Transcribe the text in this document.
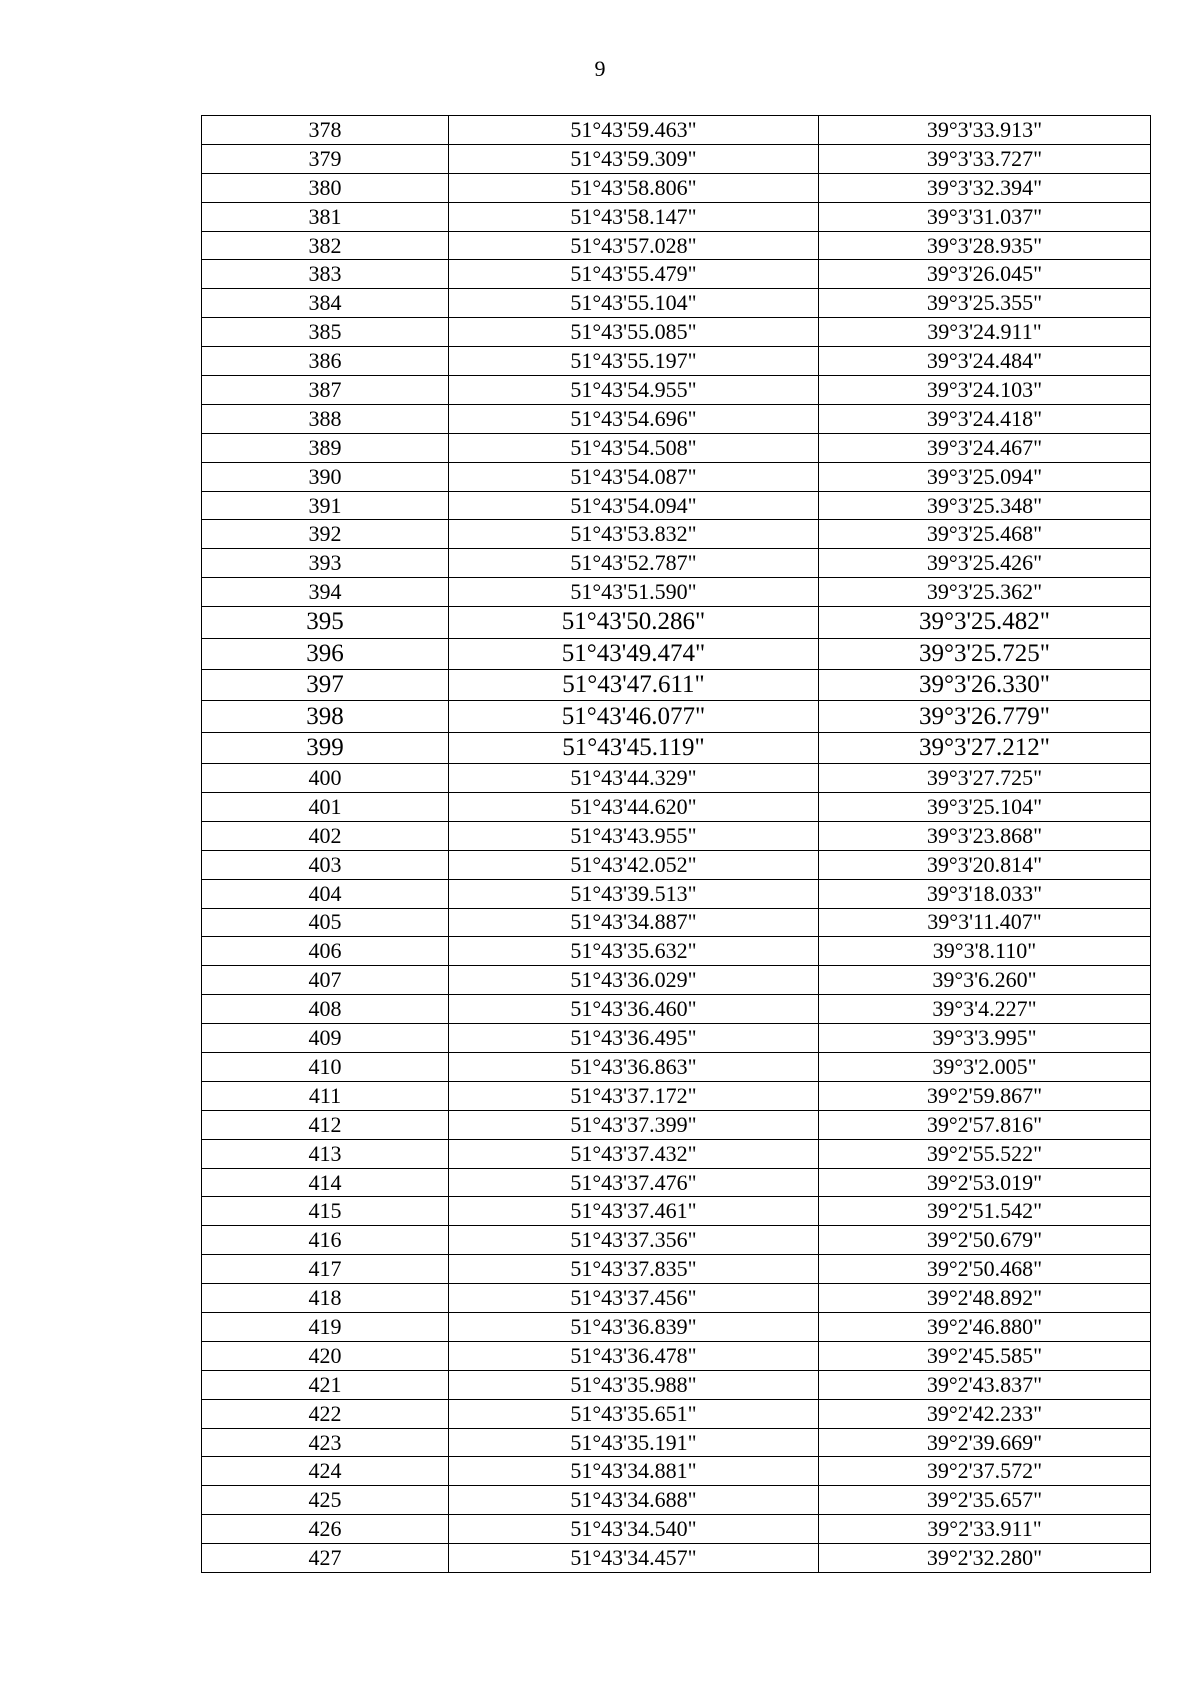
9
378	51°43'59.463"	39°3'33.913"
379	51°43'59.309"	39°3'33.727"
380	51°43'58.806"	39°3'32.394"
381	51°43'58.147"	39°3'31.037"
382	51°43'57.028"	39°3'28.935"
383	51°43'55.479"	39°3'26.045"
384	51°43'55.104"	39°3'25.355"
385	51°43'55.085"	39°3'24.911"
386	51°43'55.197"	39°3'24.484"
387	51°43'54.955"	39°3'24.103"
388	51°43'54.696"	39°3'24.418"
389	51°43'54.508"	39°3'24.467"
390	51°43'54.087"	39°3'25.094"
391	51°43'54.094"	39°3'25.348"
392	51°43'53.832"	39°3'25.468"
393	51°43'52.787"	39°3'25.426"
394	51°43'51.590"	39°3'25.362"
395	51°43'50.286"	39°3'25.482"
396	51°43'49.474"	39°3'25.725"
397	51°43'47.611"	39°3'26.330"
398	51°43'46.077"	39°3'26.779"
399	51°43'45.119"	39°3'27.212"
400	51°43'44.329"	39°3'27.725"
401	51°43'44.620"	39°3'25.104"
402	51°43'43.955"	39°3'23.868"
403	51°43'42.052"	39°3'20.814"
404	51°43'39.513"	39°3'18.033"
405	51°43'34.887"	39°3'11.407"
406	51°43'35.632"	39°3'8.110"
407	51°43'36.029"	39°3'6.260"
408	51°43'36.460"	39°3'4.227"
409	51°43'36.495"	39°3'3.995"
410	51°43'36.863"	39°3'2.005"
411	51°43'37.172"	39°2'59.867"
412	51°43'37.399"	39°2'57.816"
413	51°43'37.432"	39°2'55.522"
414	51°43'37.476"	39°2'53.019"
415	51°43'37.461"	39°2'51.542"
416	51°43'37.356"	39°2'50.679"
417	51°43'37.835"	39°2'50.468"
418	51°43'37.456"	39°2'48.892"
419	51°43'36.839"	39°2'46.880"
420	51°43'36.478"	39°2'45.585"
421	51°43'35.988"	39°2'43.837"
422	51°43'35.651"	39°2'42.233"
423	51°43'35.191"	39°2'39.669"
424	51°43'34.881"	39°2'37.572"
425	51°43'34.688"	39°2'35.657"
426	51°43'34.540"	39°2'33.911"
427	51°43'34.457"	39°2'32.280"
